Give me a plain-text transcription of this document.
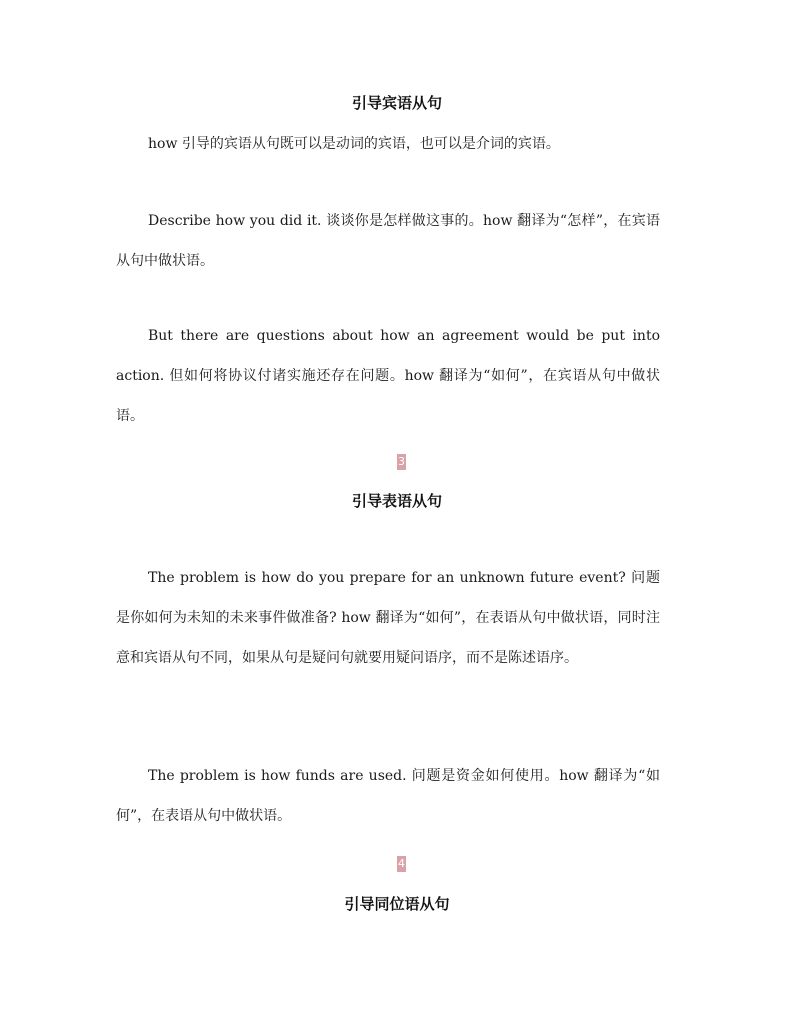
引导宾语从句
how 引导的宾语从句既可以是动词的宾语，也可以是介词的宾语。
Describe how you did it. 谈谈你是怎样做这事的。how 翻译为“怎样”，在宾语从句中做状语。
But there are questions about how an agreement would be put into action. 但如何将协议付诸实施还存在问题。how 翻译为“如何”，在宾语从句中做状语。
3
引导表语从句
The problem is how do you prepare for an unknown future event? 问题是你如何为未知的未来事件做准备? how 翻译为“如何”，在表语从句中做状语，同时注意和宾语从句不同，如果从句是疑问句就要用疑问语序，而不是陈述语序。
The problem is how funds are used. 问题是资金如何使用。how 翻译为“如何”，在表语从句中做状语。
4
引导同位语从句
